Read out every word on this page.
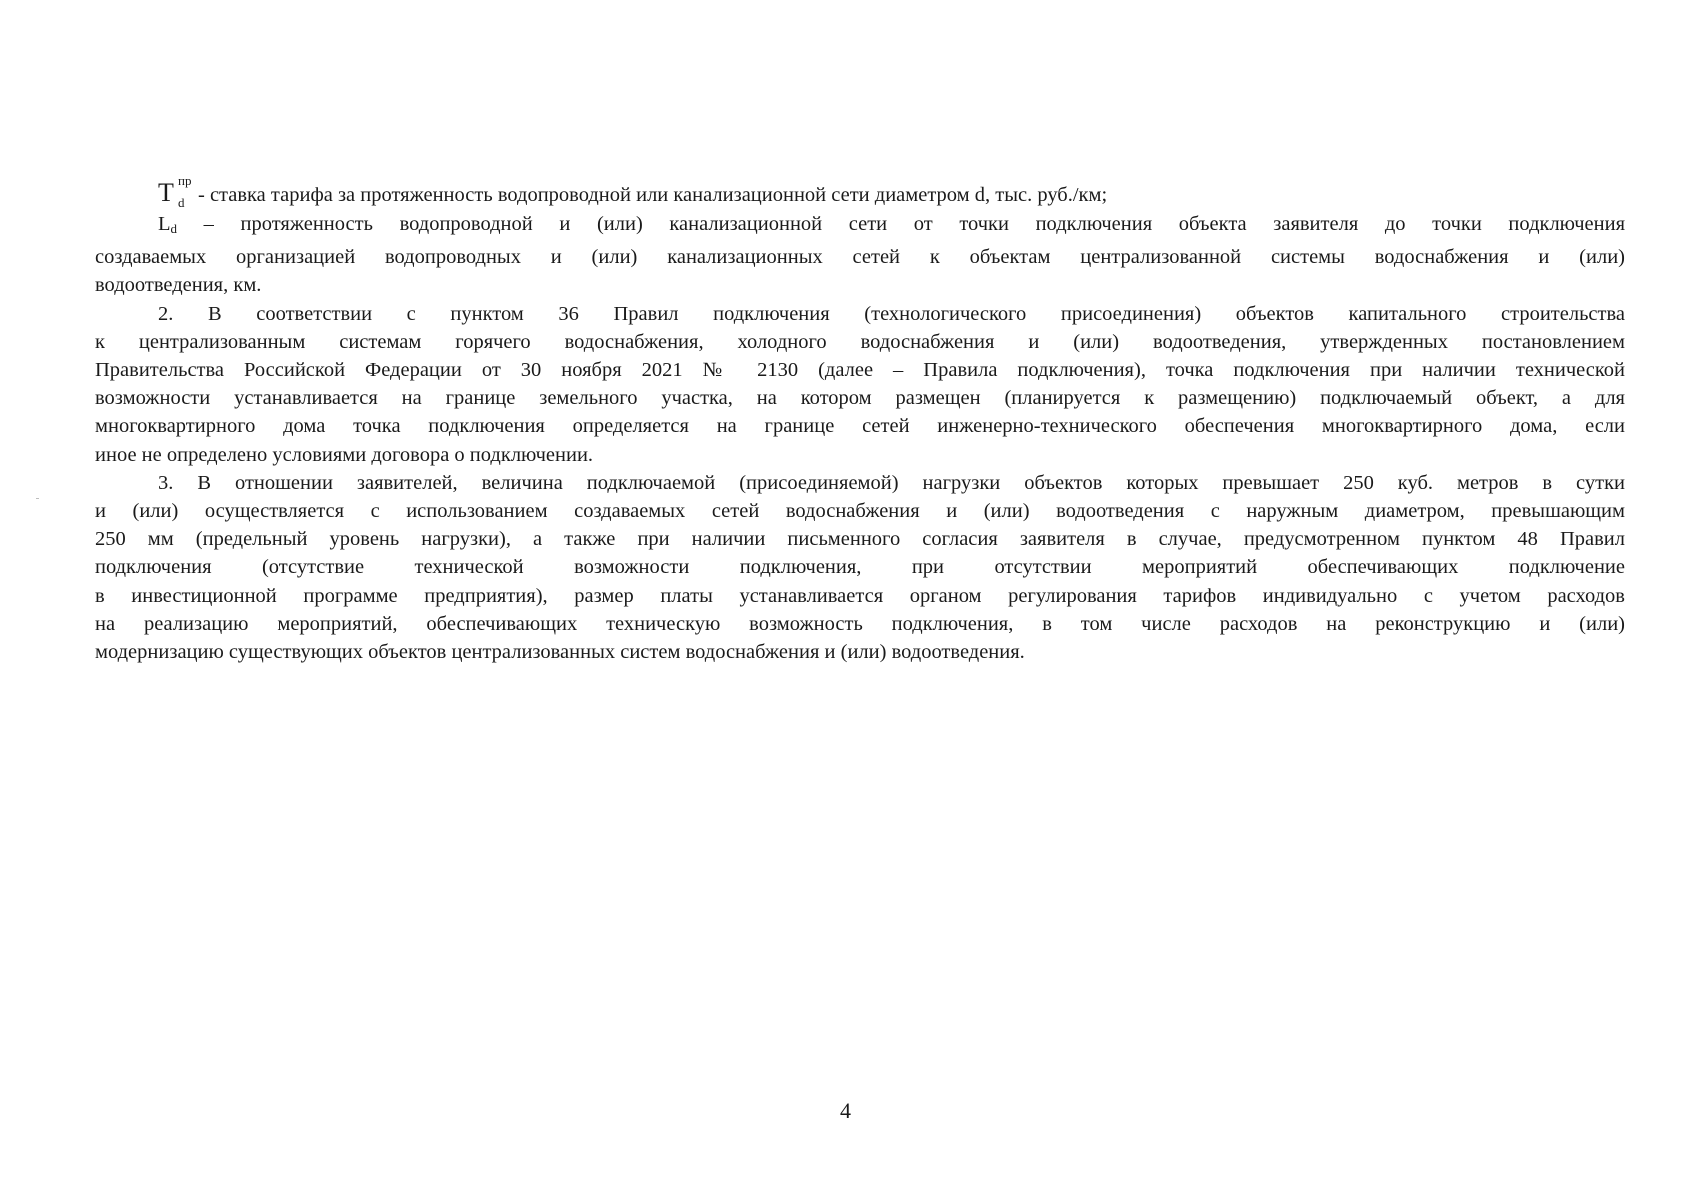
T пр
d - ставка тарифа за протяженность водопроводной или канализационной сети диаметром d, тыс. руб./км;
$L_d$ – протяженность водопроводной и (или) канализационной сети от точки подключения объекта заявителя до точки подключения
создаваемых организацией водопроводных и (или) канализационных сетей к объектам централизованной системы водоснабжения и (или)
водоотведения, км.
2. В соответствии с пунктом 36 Правил подключения (технологического присоединения) объектов капитального строительства
к централизованным системам горячего водоснабжения, холодного водоснабжения и (или) водоотведения, утвержденных постановлением
Правительства Российской Федерации от 30 ноября 2021 № 2130 (далее – Правила подключения), точка подключения при наличии технической
возможности устанавливается на границе земельного участка, на котором размещен (планируется к размещению) подключаемый объект, а для
многоквартирного дома точка подключения определяется на границе сетей инженерно-технического обеспечения многоквартирного дома, если
иное не определено условиями договора о подключении.
3. В отношении заявителей, величина подключаемой (присоединяемой) нагрузки объектов которых превышает 250 куб. метров в сутки
и (или) осуществляется с использованием создаваемых сетей водоснабжения и (или) водоотведения с наружным диаметром, превышающим
250 мм (предельный уровень нагрузки), а также при наличии письменного согласия заявителя в случае, предусмотренном пунктом 48 Правил
подключения (отсутствие технической возможности подключения, при отсутствии мероприятий обеспечивающих подключение
в инвестиционной программе предприятия), размер платы устанавливается органом регулирования тарифов индивидуально с учетом расходов
на реализацию мероприятий, обеспечивающих техническую возможность подключения, в том числе расходов на реконструкцию и (или)
модернизацию существующих объектов централизованных систем водоснабжения и (или) водоотведения.
4
